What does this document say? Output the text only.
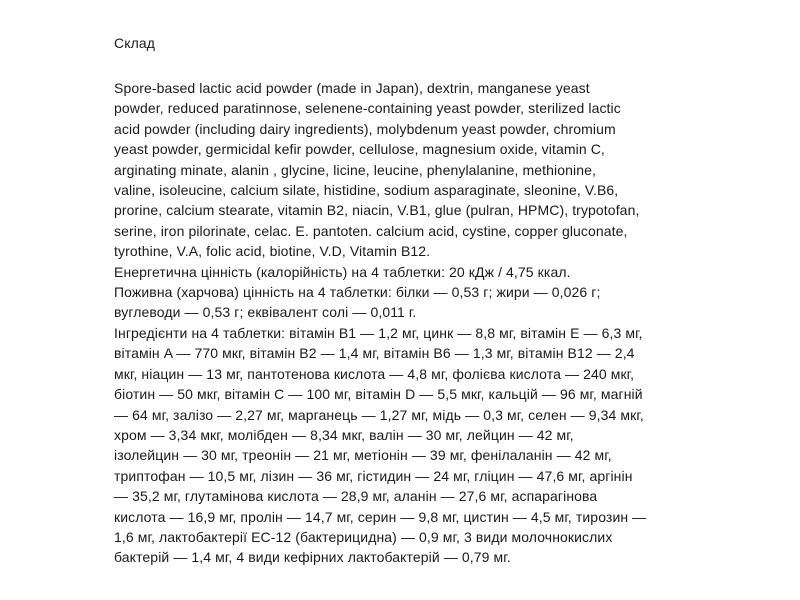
Склад
Spore-based lactic acid powder (made in Japan), dextrin, manganese yeast
powder, reduced paratinnose, selenene-containing yeast powder, sterilized lactic
acid powder (including dairy ingredients), molybdenum yeast powder, chromium
yeast powder, germicidal kefir powder, cellulose, magnesium oxide, vitamin C,
arginating minate, alanin , glycine, licine, leucine, phenylalanine, methionine,
valine, isoleucine, calcium silate, histidine, sodium asparaginate, sleonine, V.B6,
prorine, calcium stearate, vitamin B2, niacin, V.B1, glue (pulran, HPMC), trypotofan,
serine, iron pilorinate, celac. E. pantoten. calcium acid, cystine, copper gluconate,
tyrothine, V.A, folic acid, biotine, V.D, Vitamin B12.
Енергетична цінність (калорійність) на 4 таблетки: 20 кДж / 4,75 ккал.
Поживна (харчова) цінність на 4 таблетки: білки — 0,53 г; жири — 0,026 г;
вуглеводи — 0,53 г; еквівалент солі — 0,011 г.
Інгредієнти на 4 таблетки: вітамін B1 — 1,2 мг, цинк — 8,8 мг, вітамін E — 6,3 мг,
вітамін A — 770 мкг, вітамін B2 — 1,4 мг, вітамін B6 — 1,3 мг, вітамін B12 — 2,4
мкг, ніацин — 13 мг, пантотенова кислота — 4,8 мг, фолієва кислота — 240 мкг,
біотин — 50 мкг, вітамін C — 100 мг, вітамін D — 5,5 мкг, кальцій — 96 мг, магній
— 64 мг, залізо — 2,27 мг, марганець — 1,27 мг, мідь — 0,3 мг, селен — 9,34 мкг,
хром — 3,34 мкг, молібден — 8,34 мкг, валін — 30 мг, лейцин — 42 мг,
ізолейцин — 30 мг, треонін — 21 мг, метіонін — 39 мг, фенілаланін — 42 мг,
триптофан — 10,5 мг, лізин — 36 мг, гістидин — 24 мг, гліцин — 47,6 мг, аргінін
— 35,2 мг, глутамінова кислота — 28,9 мг, аланін — 27,6 мг, аспарагінова
кислота — 16,9 мг, пролін — 14,7 мг, серин — 9,8 мг, цистин — 4,5 мг, тирозин —
1,6 мг, лактобактерії EC-12 (бактерицидна) — 0,9 мг, 3 види молочнокислих
бактерій — 1,4 мг, 4 види кефірних лактобактерій — 0,79 мг.
